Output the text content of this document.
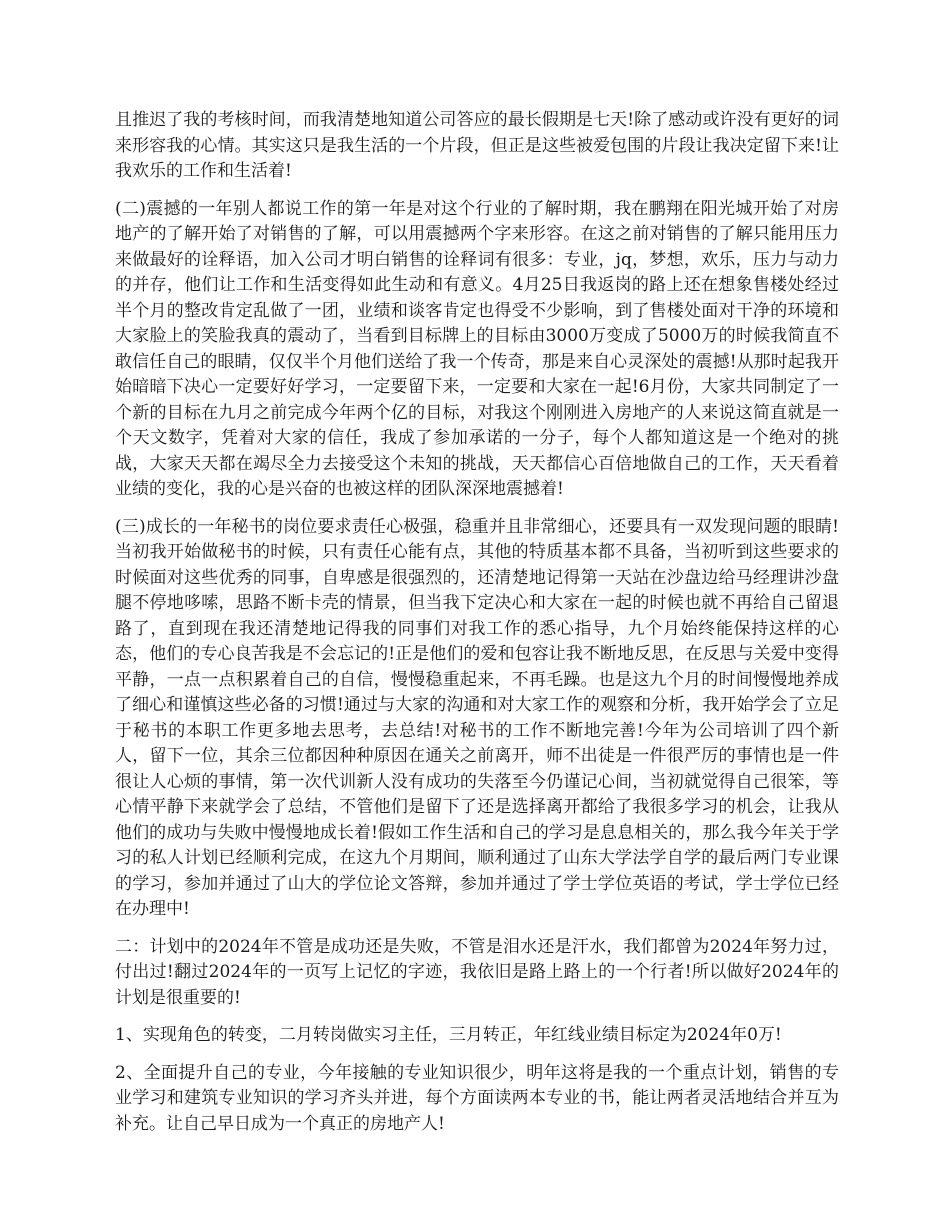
且推迟了我的考核时间，而我清楚地知道公司答应的最长假期是七天!除了感动或许没有更好的词来形容我的心情。其实这只是我生活的一个片段，但正是这些被爱包围的片段让我决定留下来!让我欢乐的工作和生活着!

(二)震撼的一年别人都说工作的第一年是对这个行业的了解时期，我在鹏翔在阳光城开始了对房地产的了解开始了对销售的了解，可以用震撼两个字来形容。在这之前对销售的了解只能用压力来做最好的诠释语，加入公司才明白销售的诠释词有很多：专业，jq，梦想，欢乐，压力与动力的并存，他们让工作和生活变得如此生动和有意义。4月25日我返岗的路上还在想象售楼处经过半个月的整改肯定乱做了一团，业绩和谈客肯定也得受不少影响，到了售楼处面对干净的环境和大家脸上的笑脸我真的震动了，当看到目标牌上的目标由3000万变成了5000万的时候我简直不敢信任自己的眼睛，仅仅半个月他们送给了我一个传奇，那是来自心灵深处的震撼!从那时起我开始暗暗下决心一定要好好学习，一定要留下来，一定要和大家在一起!6月份，大家共同制定了一个新的目标在九月之前完成今年两个亿的目标，对我这个刚刚进入房地产的人来说这简直就是一个天文数字，凭着对大家的信任，我成了参加承诺的一分子，每个人都知道这是一个绝对的挑战，大家天天都在竭尽全力去接受这个未知的挑战，天天都信心百倍地做自己的工作，天天看着业绩的变化，我的心是兴奋的也被这样的团队深深地震撼着!

(三)成长的一年秘书的岗位要求责任心极强，稳重并且非常细心，还要具有一双发现问题的眼睛!当初我开始做秘书的时候，只有责任心能有点，其他的特质基本都不具备，当初听到这些要求的时候面对这些优秀的同事，自卑感是很强烈的，还清楚地记得第一天站在沙盘边给马经理讲沙盘腿不停地哆嗦，思路不断卡壳的情景，但当我下定决心和大家在一起的时候也就不再给自己留退路了，直到现在我还清楚地记得我的同事们对我工作的悉心指导，九个月始终能保持这样的心态，他们的专心良苦我是不会忘记的!正是他们的爱和包容让我不断地反思，在反思与关爱中变得平静，一点一点积累着自己的自信，慢慢稳重起来，不再毛躁。也是这九个月的时间慢慢地养成了细心和谨慎这些必备的习惯!通过与大家的沟通和对大家工作的观察和分析，我开始学会了立足于秘书的本职工作更多地去思考，去总结!对秘书的工作不断地完善!今年为公司培训了四个新人，留下一位，其余三位都因种种原因在通关之前离开，师不出徒是一件很严厉的事情也是一件很让人心烦的事情，第一次代训新人没有成功的失落至今仍谨记心间，当初就觉得自己很笨，等心情平静下来就学会了总结，不管他们是留下了还是选择离开都给了我很多学习的机会，让我从他们的成功与失败中慢慢地成长着!假如工作生活和自己的学习是息息相关的，那么我今年关于学习的私人计划已经顺利完成，在这九个月期间，顺利通过了山东大学法学自学的最后两门专业课的学习，参加并通过了山大的学位论文答辩，参加并通过了学士学位英语的考试，学士学位已经在办理中!

二：计划中的2024年不管是成功还是失败，不管是泪水还是汗水，我们都曾为2024年努力过，付出过!翻过2024年的一页写上记忆的字迹，我依旧是路上路上的一个行者!所以做好2024年的计划是很重要的!

1、实现角色的转变，二月转岗做实习主任，三月转正，年红线业绩目标定为2024年0万!

2、全面提升自己的专业，今年接触的专业知识很少，明年这将是我的一个重点计划，销售的专业学习和建筑专业知识的学习齐头并进，每个方面读两本专业的书，能让两者灵活地结合并互为补充。让自己早日成为一个真正的房地产人!
